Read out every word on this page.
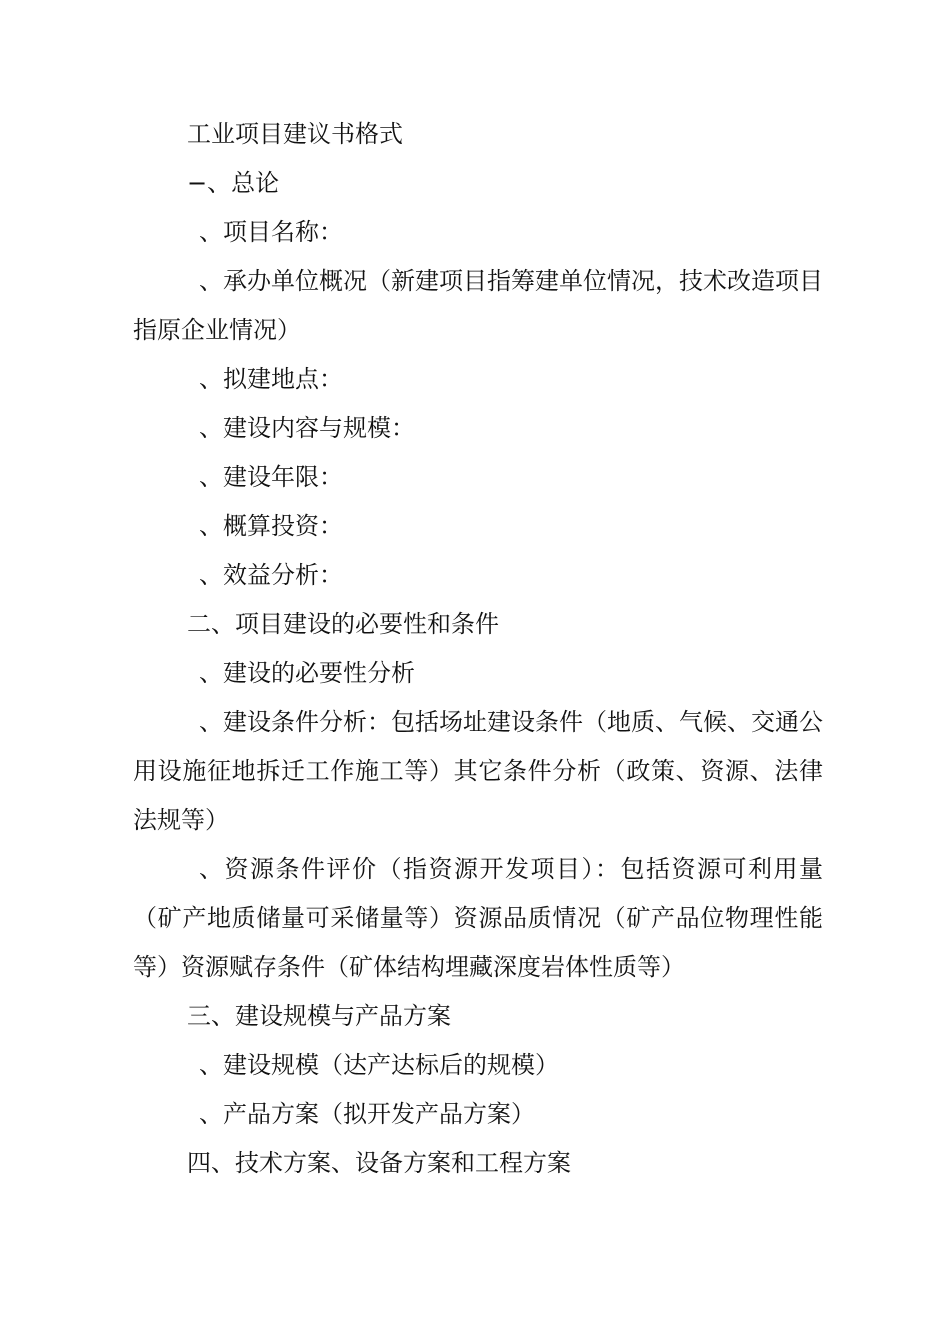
工业项目建议书格式

−、总论

、项目名称：

、承办单位概况（新建项目指筹建单位情况，技术改造项目指原企业情况）

、拟建地点：

、建设内容与规模：

、建设年限：

、概算投资：

、效益分析：

二、项目建设的必要性和条件

、建设的必要性分析

、建设条件分析：包括场址建设条件（地质、气候、交通公用设施征地拆迁工作施工等）其它条件分析（政策、资源、法律法规等）

、资源条件评价（指资源开发项目）：包括资源可利用量（矿产地质储量可采储量等）资源品质情况（矿产品位物理性能等）资源赋存条件（矿体结构埋藏深度岩体性质等）

三、建设规模与产品方案

、建设规模（达产达标后的规模）

、产品方案（拟开发产品方案）

四、技术方案、设备方案和工程方案
